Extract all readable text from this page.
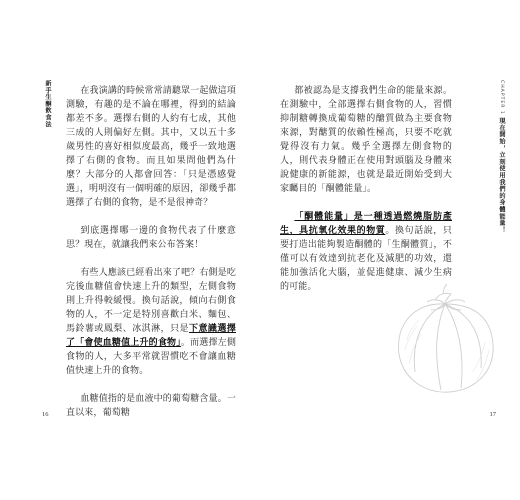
新手生酮飲食法	在我演講的時候常常請聽眾一起做這項測驗，有趣的是不論在哪裡，得到的結論都差不多。選擇右側的人約有七成，其他三成的人則偏好左側。其中，又以五十多歲男性的喜好相似度最高，幾乎一致地選擇了右側的食物。而且如果問他們為什麼？大部分的人都會回答：「只是憑感覺選」，明明沒有一個明確的原因，卻幾乎都選擇了右側的食物，是不是很神奇？

到底選擇哪一邊的食物代表了什麼意思？現在，就讓我們來公布答案！

有些人應該已經看出來了吧？右側是吃完後血糖值會快速上升的類型，左側食物則上升得較緩慢。換句話說，傾向右側食物的人，不一定是特別喜歡白米、麵包、馬鈴薯或鳳梨、冰淇淋，只是下意識選擇了「會使血糖值上升的食物」。而選擇左側食物的人，大多平常就習慣吃不會讓血糖值快速上升的食物。

血糖值指的是血液中的葡萄糖含量。一直以來，葡萄糖

16

都被認為是支撐我們生命的能量來源。在測驗中，全部選擇右側食物的人，習慣抑制糖轉換成葡萄糖的醣質做為主要食物來源，對醣質的依賴性極高，只要不吃就覺得沒有力氣。幾乎全選擇左側食物的人，則代表身體正在使用對頭腦及身體來說健康的新能源，也就是最近開始受到大家矚目的「酮體能量」。

「酮體能量」是一種透過燃燒脂肪產生，具抗氧化效果的物質。換句話說，只要打造出能夠製造酮體的「生酮體質」，不僅可以有效達到抗老化及減肥的功效，還能加強活化大腦，並促進健康、減少生病的可能。

CHAPTER 1 現在開始，立刻使用我們的身體能量！
17
